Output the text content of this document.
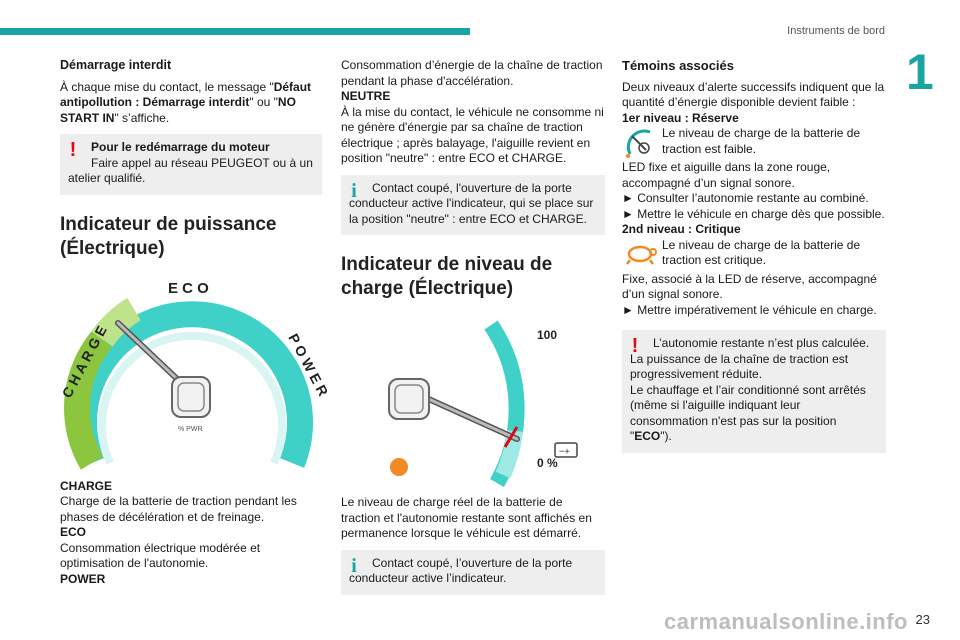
Instruments de bord
1

Démarrage interdit

À chaque mise du contact, le message "Défaut antipollution : Démarrage interdit" ou "NO START IN" s’affiche.

!	Pour le redémarrage du moteur

Faire appel au réseau PEUGEOT ou à un atelier qualifié.

Indicateur de puissance (Électrique)

E C O
C H A R G E	P O W E R
% PWR

CHARGE

Charge de la batterie de traction pendant les phases de décélération et de freinage.

ECO

Consommation électrique modérée et optimisation de l'autonomie.

POWER

Consommation d’énergie de la chaîne de traction pendant la phase d'accélération.

NEUTRE

À la mise du contact, le véhicule ne consomme ni ne génère d'énergie par sa chaîne de traction électrique ; après balayage, l'aiguille revient en position "neutre" : entre ECO et CHARGE.

i	Contact coupé, l'ouverture de la porte conducteur active l'indicateur, qui se place sur la position "neutre" : entre ECO et CHARGE.

Indicateur de niveau de charge (Électrique)

100
0 %
−+

Le niveau de charge réel de la batterie de traction et l'autonomie restante sont affichés en permanence lorsque le véhicule est démarré.

i	Contact coupé, l’ouverture de la porte conducteur active l’indicateur.

Témoins associés

Deux niveaux d’alerte successifs indiquent que la quantité d’énergie disponible devient faible :

1er niveau : Réserve

Le niveau de charge de la batterie de traction est faible.

LED fixe et aiguille dans la zone rouge, accompagné d’un signal sonore.

► Consulter l’autonomie restante au combiné.

► Mettre le véhicule en charge dès que possible.

2nd niveau : Critique

Le niveau de charge de la batterie de traction est critique.

Fixe, associé à la LED de réserve, accompagné d’un signal sonore.

► Mettre impérativement le véhicule en charge.

!	L’autonomie restante n’est plus calculée. La puissance de la chaîne de traction est progressivement réduite.

Le chauffage et l’air conditionné sont arrêtés (même si l'aiguille indiquant leur consommation n'est pas sur la position "ECO").

carmanualsonline.info 23
